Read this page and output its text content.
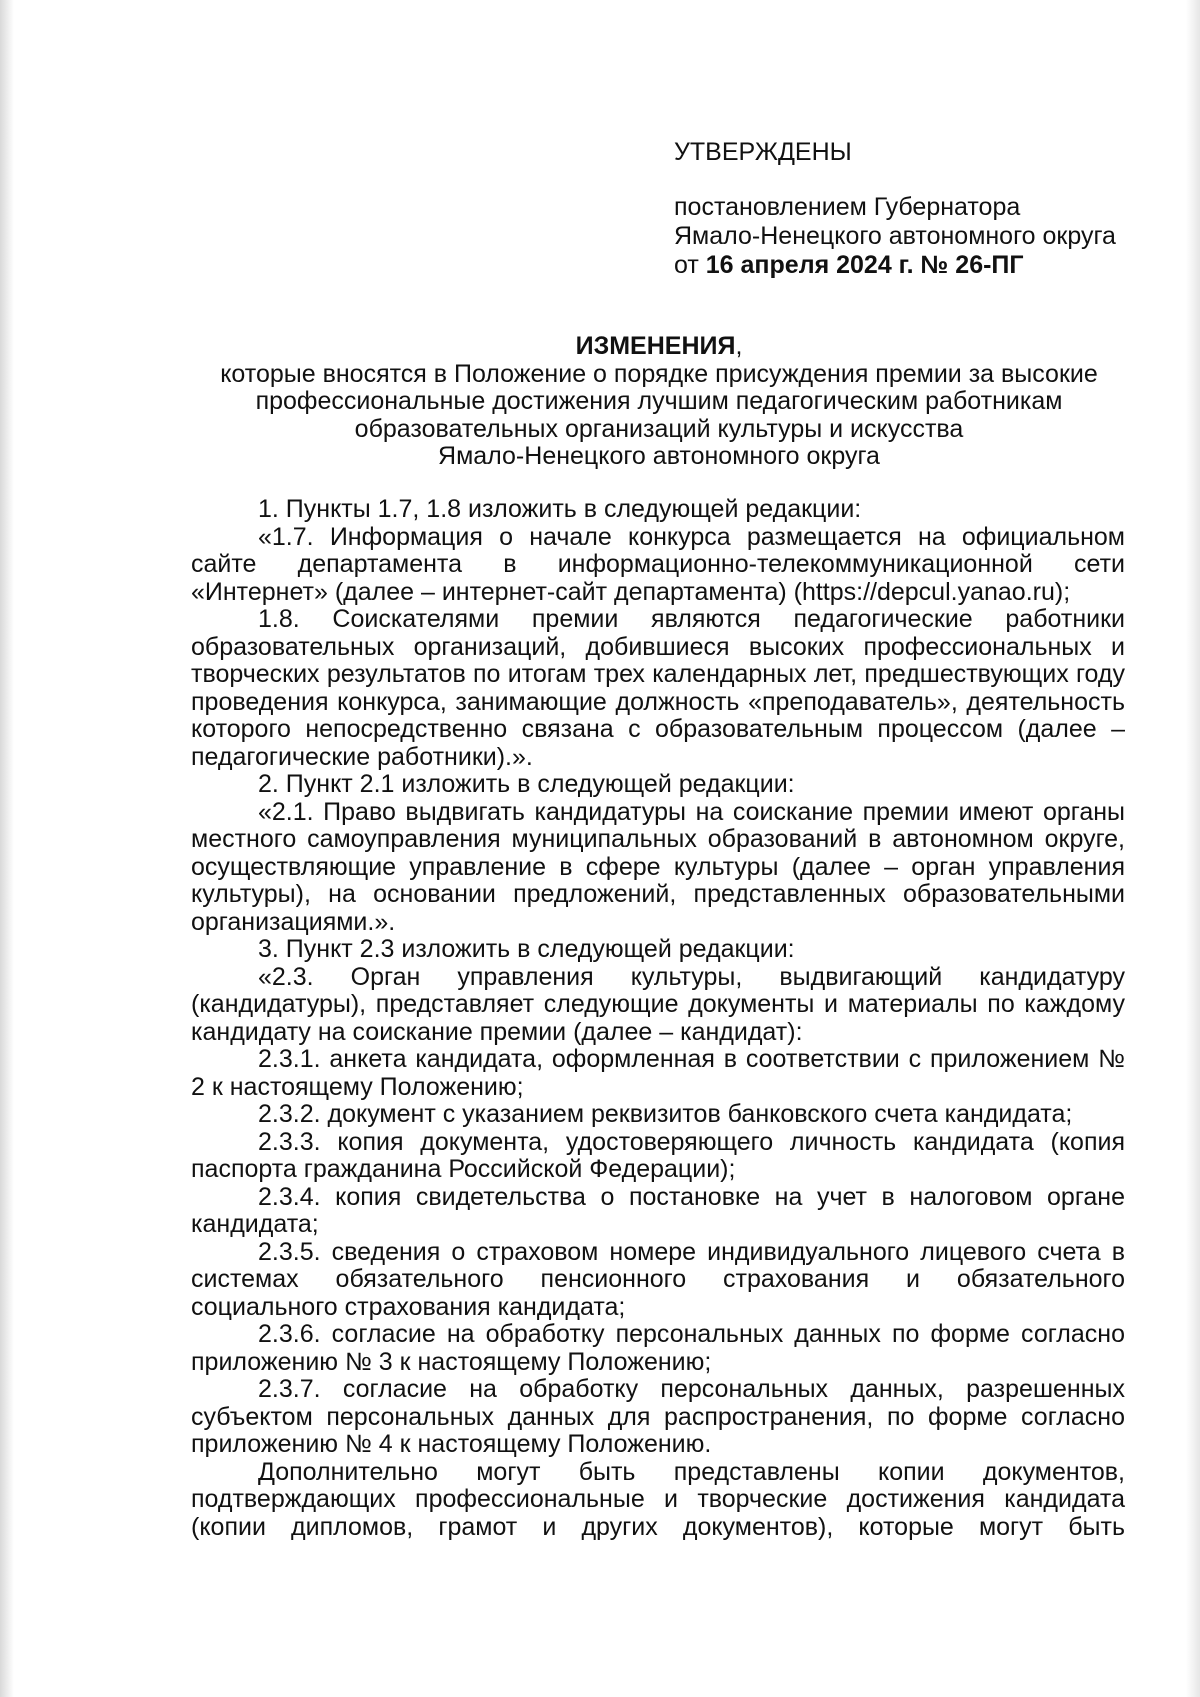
УТВЕРЖДЕНЫ

постановлением Губернатора

Ямало-Ненецкого автономного округа

от 16 апреля 2024 г. № 26-ПГ

ИЗМЕНЕНИЯ,

которые вносятся в Положение о порядке присуждения премии за высокие

профессиональные достижения лучшим педагогическим работникам

образовательных организаций культуры и искусства

Ямало-Ненецкого автономного округа

1. Пункты 1.7, 1.8 изложить в следующей редакции:

«1.7. Информация о начале конкурса размещается на официальном сайте департамента в информационно-телекоммуникационной сети «Интернет» (далее – интернет-сайт департамента) (https://depcul.yanao.ru);

1.8. Соискателями премии являются педагогические работники образовательных организаций, добившиеся высоких профессиональных и творческих результатов по итогам трех календарных лет, предшествующих году проведения конкурса, занимающие должность «преподаватель», деятельность которого непосредственно связана с образовательным процессом (далее – педагогические работники).».

2. Пункт 2.1 изложить в следующей редакции:

«2.1. Право выдвигать кандидатуры на соискание премии имеют органы местного самоуправления муниципальных образований в автономном округе, осуществляющие управление в сфере культуры (далее – орган управления культуры), на основании предложений, представленных образовательными организациями.».

3. Пункт 2.3 изложить в следующей редакции:

«2.3. Орган управления культуры, выдвигающий кандидатуру (кандидатуры), представляет следующие документы и материалы по каждому кандидату на соискание премии (далее – кандидат):

2.3.1. анкета кандидата, оформленная в соответствии с приложением № 2 к настоящему Положению;

2.3.2. документ с указанием реквизитов банковского счета кандидата;

2.3.3. копия документа, удостоверяющего личность кандидата (копия паспорта гражданина Российской Федерации);

2.3.4. копия свидетельства о постановке на учет в налоговом органе кандидата;

2.3.5. сведения о страховом номере индивидуального лицевого счета в системах обязательного пенсионного страхования и обязательного социального страхования кандидата;

2.3.6. согласие на обработку персональных данных по форме согласно приложению № 3 к настоящему Положению;

2.3.7. согласие на обработку персональных данных, разрешенных субъектом персональных данных для распространения, по форме согласно приложению № 4 к настоящему Положению.

Дополнительно могут быть представлены копии документов, подтверждающих профессиональные и творческие достижения кандидата (копии дипломов, грамот и других документов), которые могут быть
